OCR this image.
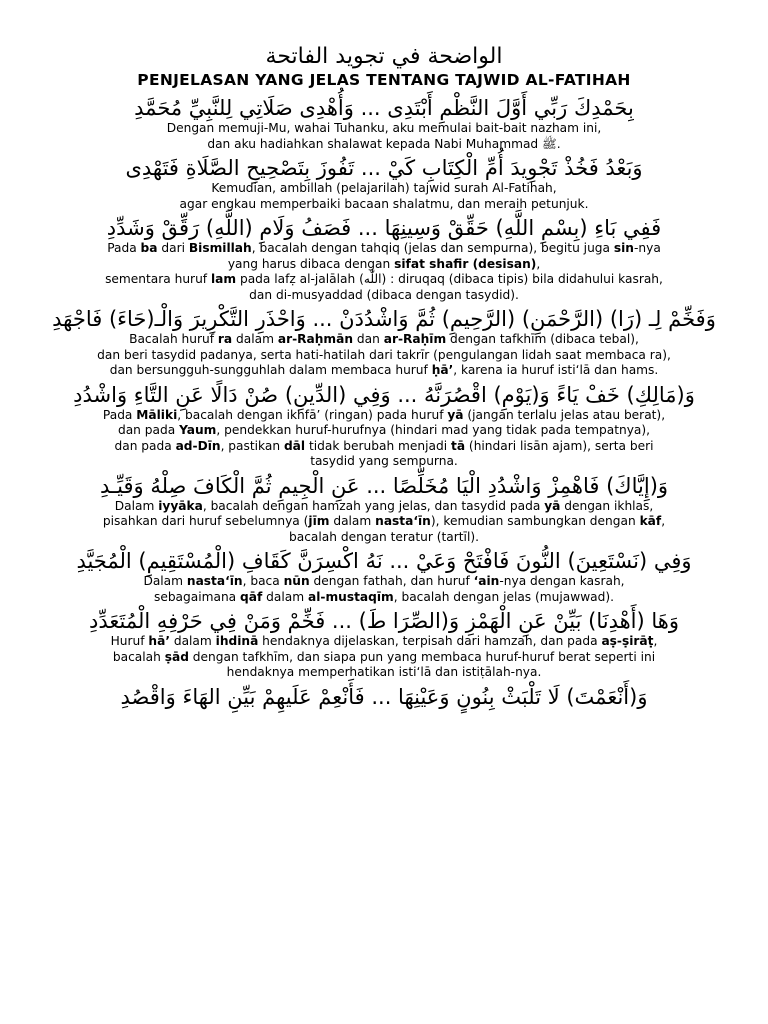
الواضحة في تجويد الفاتحة

PENJELASAN YANG JELAS TENTANG TAJWID AL-FATIHAH

بِحَمْدِكَ رَبِّي أَوَّلَ النَّظْمِ أَبْتَدِى ... وَأُهْدِى صَلَاتِي لِلنَّبِيِّ مُحَمَّدِ

Dengan memuji-Mu, wahai Tuhanku, aku memulai bait-bait nazham ini,
dan aku hadiahkan shalawat kepada Nabi Muhammad ﷺ.

وَبَعْدُ فَخُذْ تَجْوِيدَ أُمِّ الْكِتَابِ كَيْ ... تَفُوزَ بِتَصْحِيحِ الصَّلَاةِ فَتَهْدِى

Kemudian, ambillah (pelajarilah) tajwid surah Al-Fatihah,
agar engkau memperbaiki bacaan shalatmu, dan meraih petunjuk.

فَفِي بَاءِ (بِسْمِ اللَّهِ) حَقِّقْ وَسِينِهَا ... فَصَفُ وَلَامِ (اللَّهِ) رَقِّقْ وَشَدِّدِ

Pada ba dari Bismillah, bacalah dengan tahqiq (jelas dan sempurna), begitu juga sin-nya
yang harus dibaca dengan sifat shafir (desisan),
sementara huruf lam pada lafẓ al-jalālah (اللّٰه) : diruqaq (dibaca tipis) bila didahului kasrah,
dan di-musyaddad (dibaca dengan tasydid).

وَفَخِّمْ لِـ (رَا) (الرَّحْمَنِ) (الرَّحِيمِ) ثُمَّ وَاشْدُدَنْ ... وَاحْذَرِ التَّكْرِيرَ وَالْـ(حَاءَ) فَاجْهَدِ

Bacalah huruf ra dalam ar-Raḥmān dan ar-Raḥīm dengan tafkhīm (dibaca tebal),
dan beri tasydid padanya, serta hati-hatilah dari takrīr (pengulangan lidah saat membaca ra),
dan bersungguh-sungguhlah dalam membaca huruf ḥā’, karena ia huruf isti‘lā dan hams.

وَ(مَالِكِ) خَفْ يَاءً وَ(يَوْمِ) اقْصُرَنَّهُ ... وَفِي (الدِّينِ) صُنْ دَالًا عَنِ التَّاءِ وَاشْدُدِ

Pada Māliki, bacalah dengan ikhfā’ (ringan) pada huruf yā (jangan terlalu jelas atau berat),
dan pada Yaum, pendekkan huruf-hurufnya (hindari mad yang tidak pada tempatnya),
dan pada ad-Dīn, pastikan dāl tidak berubah menjadi tā (hindari lisān ajam), serta beri
tasydid yang sempurna.

وَ(إِيَّاكَ) فَاهْمِزْ وَاشْدُدِ الْيَا مُخَلِّصًا ... عَنِ الْجِيمِ ثُمَّ الْكَافَ صِلْهُ وَقَيِّـدِ

Dalam iyyāka, bacalah dengan hamzah yang jelas, dan tasydid pada yā dengan ikhlas,
pisahkan dari huruf sebelumnya (jīm dalam nasta‘īn), kemudian sambungkan dengan kāf,
bacalah dengan teratur (tartīl).

وَفِي (نَسْتَعِينَ) النُّونَ فَافْتَحْ وَعَيْ ... نَهُ اكْسِرَنَّ كَقَافِ (الْمُسْتَقِيمِ) الْمُجَيَّدِ

Dalam nasta‘īn, baca nūn dengan fathah, dan huruf ‘ain-nya dengan kasrah,
sebagaimana qāf dalam al-mustaqīm, bacalah dengan jelas (mujawwad).

وَهَا (أَهْدِنَا) بَيِّنْ عَنِ الْهَمْزِ وَ(الصِّرَا طَ) ... فَخِّمْ وَمَنْ فِي حَرْفِهِ الْمُتَعَدِّدِ

Huruf hā’ dalam ihdinā hendaknya dijelaskan, terpisah dari hamzah, dan pada aṣ-ṣirāṭ,
bacalah ṣād dengan tafkhīm, dan siapa pun yang membaca huruf-huruf berat seperti ini
hendaknya memperhatikan isti‘lā dan istiṭālah-nya.

وَ(أَنْعَمْتَ) لَا تَلْبَثْ بِنُونٍ وَعَيْنِهَا ... فَأَنْعِمْ عَلَيهِمْ بَيِّنِ الهَاءَ وَاقْصُدِ
